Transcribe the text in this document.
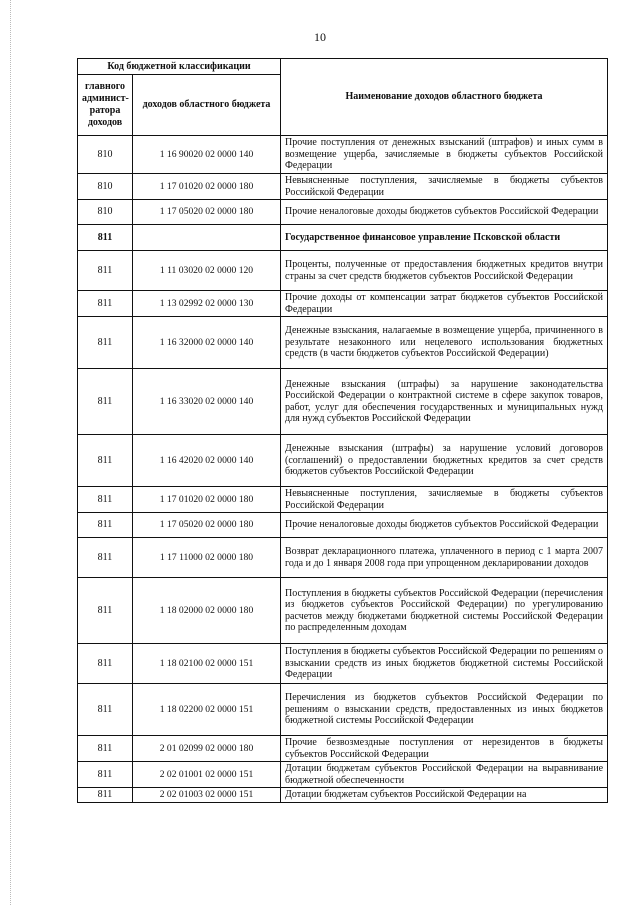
10
Код бюджетной классификации		Наименование доходов областного бюджета
главного админист-ратора доходов	доходов областного бюджета	
810	1 16 90020 02 0000 140	Прочие поступления от денежных взысканий (штрафов) и иных сумм в возмещение ущерба, зачисляемые в бюджеты субъектов Российской Федерации
810	1 17 01020 02 0000 180	Невыясненные поступления, зачисляемые в бюджеты субъектов Российской Федерации
810	1 17 05020 02 0000 180	Прочие неналоговые доходы бюджетов субъектов Российской Федерации
811		Государственное финансовое управление Псковской области
811	1 11 03020 02 0000 120	Проценты, полученные от предоставления бюджетных кредитов внутри страны за счет средств бюджетов субъектов Российской Федерации
811	1 13 02992 02 0000 130	Прочие доходы от компенсации затрат бюджетов субъектов Российской Федерации
811	1 16 32000 02 0000 140	Денежные взыскания, налагаемые в возмещение ущерба, причиненного в результате незаконного или нецелевого использования бюджетных средств (в части бюджетов субъектов Российской Федерации)
811	1 16 33020 02 0000 140	Денежные взыскания (штрафы) за нарушение законодательства Российской Федерации о контрактной системе в сфере закупок товаров, работ, услуг для обеспечения государственных и муниципальных нужд для нужд субъектов Российской Федерации
811	1 16 42020 02 0000 140	Денежные взыскания (штрафы) за нарушение условий договоров (соглашений) о предоставлении бюджетных кредитов за счет средств бюджетов субъектов Российской Федерации
811	1 17 01020 02 0000 180	Невыясненные поступления, зачисляемые в бюджеты субъектов Российской Федерации
811	1 17 05020 02 0000 180	Прочие неналоговые доходы бюджетов субъектов Российской Федерации
811	1 17 11000 02 0000 180	Возврат декларационного платежа, уплаченного в период с 1 марта 2007 года и до 1 января 2008 года при упрощенном декларировании доходов
811	1 18 02000 02 0000 180	Поступления в бюджеты субъектов Российской Федерации (перечисления из бюджетов субъектов Российской Федерации) по урегулированию расчетов между бюджетами бюджетной системы Российской Федерации по распределенным доходам
811	1 18 02100 02 0000 151	Поступления в бюджеты субъектов Российской Федерации по решениям о взыскании средств из иных бюджетов бюджетной системы Российской Федерации
811	1 18 02200 02 0000 151	Перечисления из бюджетов субъектов Российской Федерации по решениям о взыскании средств, предоставленных из иных бюджетов бюджетной системы Российской Федерации
811	2 01 02099 02 0000 180	Прочие безвозмездные поступления от нерезидентов в бюджеты субъектов Российской Федерации
811	2 02 01001 02 0000 151	Дотации бюджетам субъектов Российской Федерации на выравнивание бюджетной обеспеченности
811	2 02 01003 02 0000 151	Дотации бюджетам субъектов Российской Федерации на
